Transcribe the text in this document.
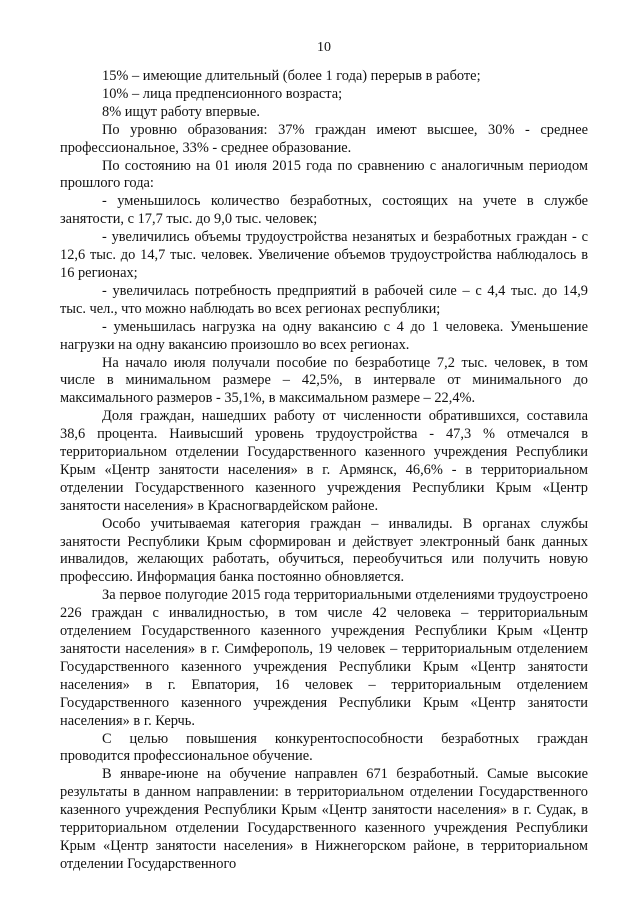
10

15% – имеющие длительный (более 1 года) перерыв в работе;

10% – лица предпенсионного возраста;

8% ищут работу впервые.

По уровню образования: 37% граждан имеют высшее, 30% - среднее профессиональное, 33% - среднее образование.

По состоянию на 01 июля 2015 года по сравнению с аналогичным периодом прошлого года:

- уменьшилось количество безработных, состоящих на учете в службе занятости, с 17,7 тыс. до 9,0 тыс. человек;

- увеличились объемы трудоустройства незанятых и безработных граждан - с 12,6 тыс. до 14,7 тыс. человек. Увеличение объемов трудоустройства наблюдалось в 16 регионах;

- увеличилась потребность предприятий в рабочей силе – с 4,4 тыс. до 14,9 тыс. чел., что можно наблюдать во всех регионах республики;

- уменьшилась нагрузка на одну вакансию с 4 до 1 человека. Уменьшение нагрузки на одну вакансию произошло во всех регионах.

На начало июля получали пособие по безработице 7,2 тыс. человек, в том числе в минимальном размере – 42,5%, в интервале от минимального до максимального размеров - 35,1%, в максимальном размере – 22,4%.

Доля граждан, нашедших работу от численности обратившихся, составила 38,6 процента. Наивысший уровень трудоустройства - 47,3 % отмечался в территориальном отделении Государственного казенного учреждения Республики Крым «Центр занятости населения» в г. Армянск, 46,6% - в территориальном отделении Государственного казенного учреждения Республики Крым «Центр занятости населения» в Красногвардейском районе.

Особо учитываемая категория граждан – инвалиды. В органах службы занятости Республики Крым сформирован и действует электронный банк данных инвалидов, желающих работать, обучиться, переобучиться или получить новую профессию. Информация банка постоянно обновляется.

За первое полугодие 2015 года территориальными отделениями трудоустроено 226 граждан с инвалидностью, в том числе 42 человека – территориальным отделением Государственного казенного учреждения Республики Крым «Центр занятости населения» в г. Симферополь, 19 человек – территориальным отделением Государственного казенного учреждения Республики Крым «Центр занятости населения» в г. Евпатория, 16 человек – территориальным отделением Государственного казенного учреждения Республики Крым «Центр занятости населения» в г. Керчь.

С целью повышения конкурентоспособности безработных граждан проводится профессиональное обучение.

В январе-июне на обучение направлен 671 безработный. Самые высокие результаты в данном направлении: в территориальном отделении Государственного казенного учреждения Республики Крым «Центр занятости населения» в г. Судак, в территориальном отделении Государственного казенного учреждения Республики Крым «Центр занятости населения» в Нижнегорском районе, в территориальном отделении Государственного
